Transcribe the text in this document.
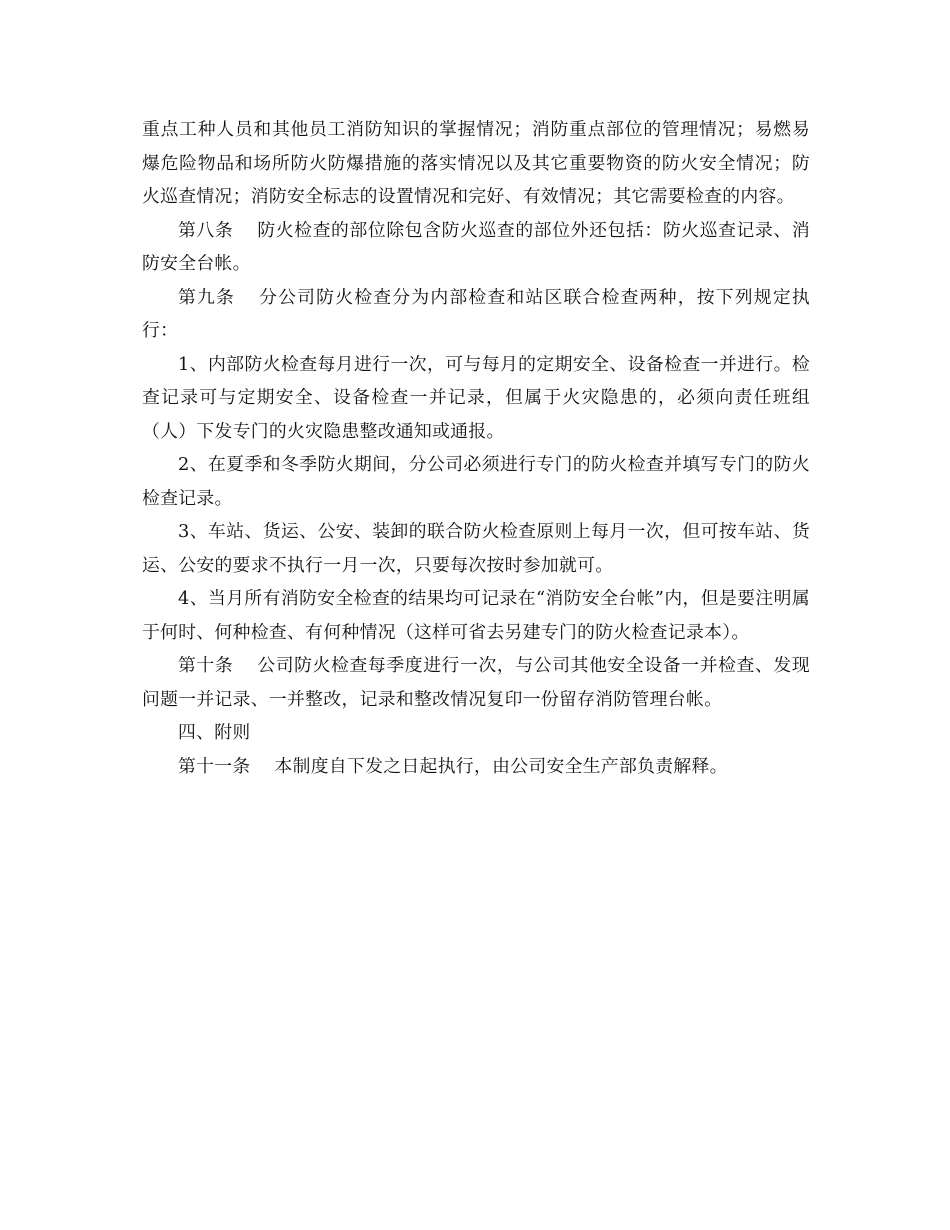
重点工种人员和其他员工消防知识的掌握情况；消防重点部位的管理情况；易燃易爆危险物品和场所防火防爆措施的落实情况以及其它重要物资的防火安全情况；防火巡查情况；消防安全标志的设置情况和完好、有效情况；其它需要检查的内容。

第八条 防火检查的部位除包含防火巡查的部位外还包括：防火巡查记录、消防安全台帐。

第九条 分公司防火检查分为内部检查和站区联合检查两种，按下列规定执行：

1、内部防火检查每月进行一次，可与每月的定期安全、设备检查一并进行。检查记录可与定期安全、设备检查一并记录，但属于火灾隐患的，必须向责任班组（人）下发专门的火灾隐患整改通知或通报。

2、在夏季和冬季防火期间，分公司必须进行专门的防火检查并填写专门的防火检查记录。

3、车站、货运、公安、装卸的联合防火检查原则上每月一次，但可按车站、货运、公安的要求不执行一月一次，只要每次按时参加就可。

4、当月所有消防安全检查的结果均可记录在“消防安全台帐”内，但是要注明属于何时、何种检查、有何种情况（这样可省去另建专门的防火检查记录本）。

第十条 公司防火检查每季度进行一次，与公司其他安全设备一并检查、发现问题一并记录、一并整改，记录和整改情况复印一份留存消防管理台帐。

四、附则

第十一条 本制度自下发之日起执行，由公司安全生产部负责解释。
